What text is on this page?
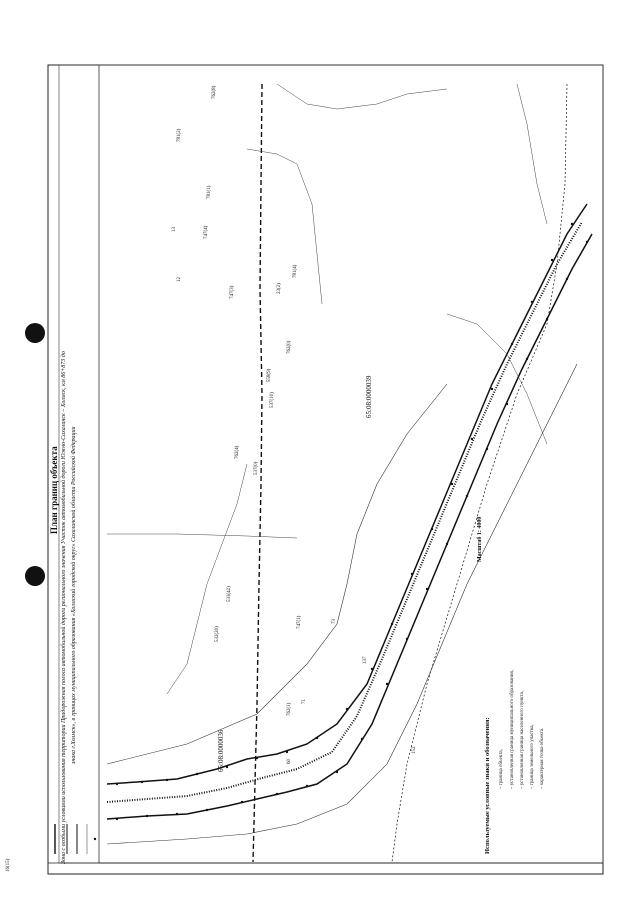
План границ объекта Зона с особыми условиями использования территории Придорожная полоса автомобильной дороги регионального значения Участок автомобильной дороги Южно-Сахалинск – Холмск, км 86+873 до знака г.Холмск», в границах муниципального образования «Холмский городской округ» Сахалинской области Российской Федерации
65:08:0000039
65:08:0000036
532(20)
533(42)
537(0)
762(4)
762(1)
747(1)
558(9)
762(0)
781(1)
781(2)
762(8)
23(2)
16(15)
781(4)
747(4)
747(3)
537(10)
12
13
60
71
73
137
152
Масштаб 1: 4000
Используемые условные знаки и обозначения: – граница объекта, – установленная граница муниципального образования, – установленная граница населенного пункта, – граница земельного участка, – характерная точка объекта.
